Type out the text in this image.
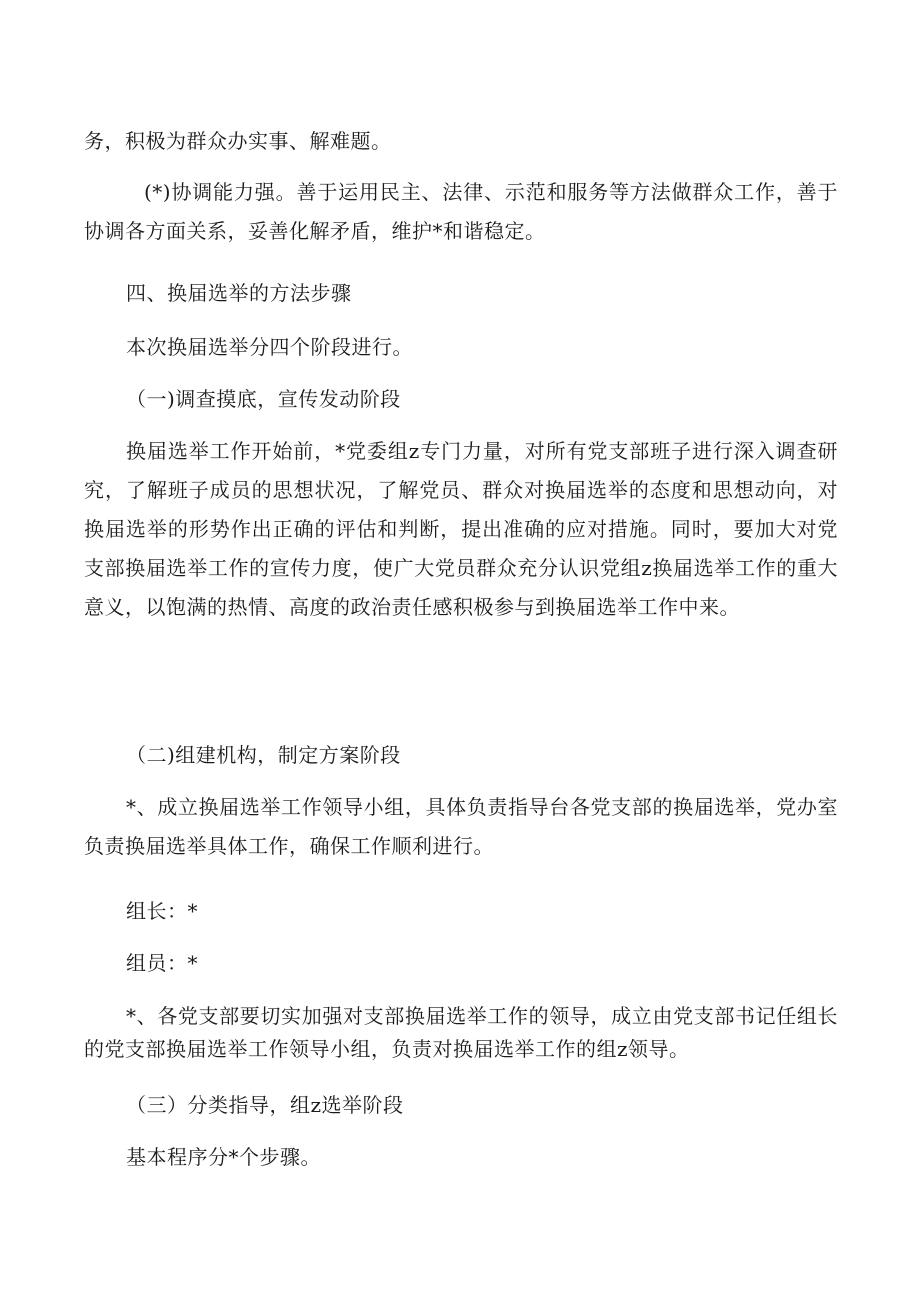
务，积极为群众办实事、解难题。

(*)协调能力强。善于运用民主、法律、示范和服务等方法做群众工作，善于协调各方面关系，妥善化解矛盾，维护*和谐稳定。

四、换届选举的方法步骤

本次换届选举分四个阶段进行。

（一)调查摸底，宣传发动阶段

换届选举工作开始前，*党委组z专门力量，对所有党支部班子进行深入调查研究，了解班子成员的思想状况，了解党员、群众对换届选举的态度和思想动向，对换届选举的形势作出正确的评估和判断，提出准确的应对措施。同时，要加大对党支部换届选举工作的宣传力度，使广大党员群众充分认识党组z换届选举工作的重大意义，以饱满的热情、高度的政治责任感积极参与到换届选举工作中来。

（二)组建机构，制定方案阶段

*、成立换届选举工作领导小组，具体负责指导台各党支部的换届选举，党办室负责换届选举具体工作，确保工作顺利进行。

组长：*

组员：*

*、各党支部要切实加强对支部换届选举工作的领导，成立由党支部书记任组长的党支部换届选举工作领导小组，负责对换届选举工作的组z领导。

（三）分类指导，组z选举阶段

基本程序分*个步骤。
